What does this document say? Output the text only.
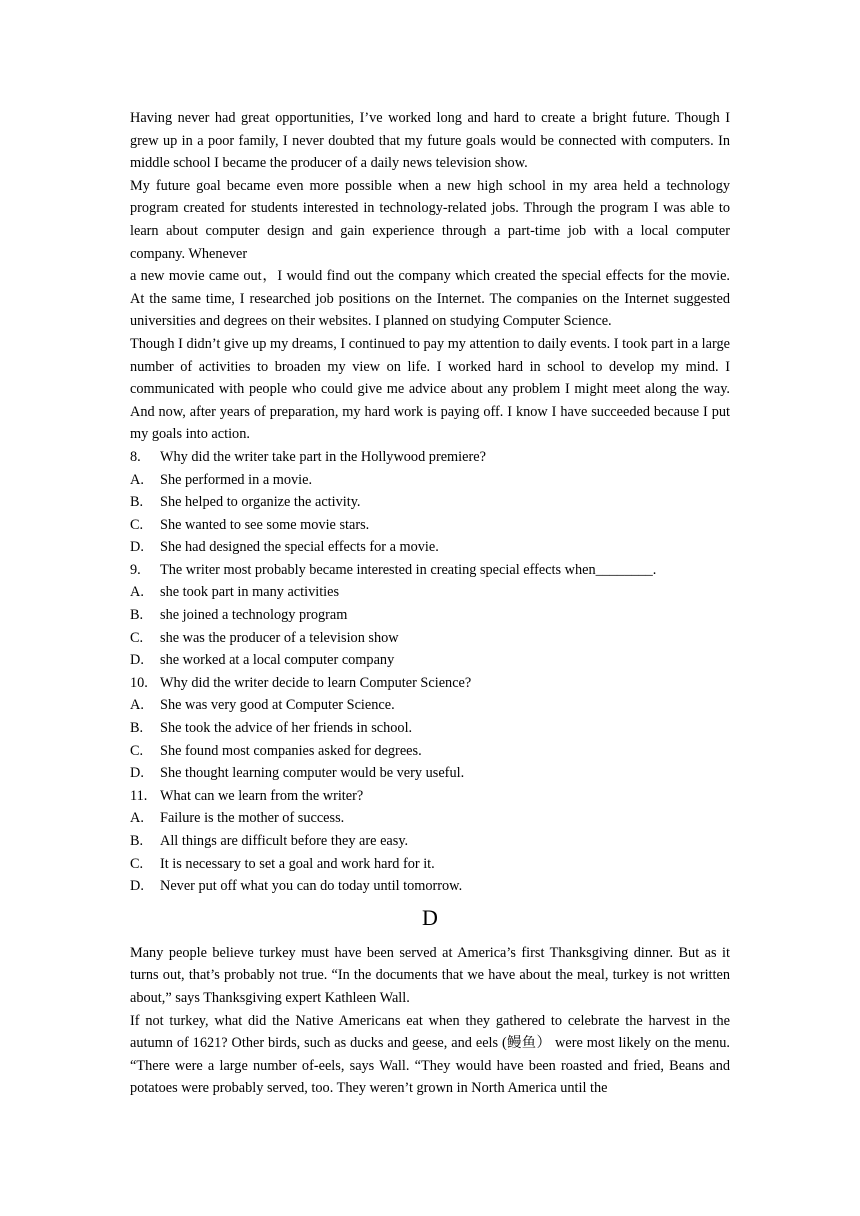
Having never had great opportunities, I’ve worked long and hard to create a bright future. Though I grew up in a poor family, I never doubted that my future goals would be connected with computers. In middle school I became the producer of a daily news television show.

My future goal became even more possible when a new high school in my area held a technology program created for students interested in technology-related jobs. Through the program I was able to learn about computer design and gain experience through a part-time job with a local computer company. Whenever

a new movie came out，I would find out the company which created the special effects for the movie. At the same time, I researched job positions on the Internet. The companies on the Internet suggested universities and degrees on their websites. I planned on studying Computer Science.

Though I didn’t give up my dreams, I continued to pay my attention to daily events. I took part in a large number of activities to broaden my view on life. I worked hard in school to develop my mind. I communicated with people who could give me advice about any problem I might meet along the way. And now, after years of preparation, my hard work is paying off. I know I have succeeded because I put my goals into action.

8.	Why did the writer take part in the Hollywood premiere?
A.	She performed in a movie.
B.	She helped to organize the activity.
C.	She wanted to see some movie stars.
D.	She had designed the special effects for a movie.
9.	The writer most probably became interested in creating special effects when________.
A.	she took part in many activities
B.	she joined a technology program
C.	she was the producer of a television show
D.	she worked at a local computer company
10. Why did the writer decide to learn Computer Science?
A.	She was very good at Computer Science.
B.	She took the advice of her friends in school.
C.	She found most companies asked for degrees.
D.	She thought learning computer would be very useful.
11. What can we learn from the writer?
A.	Failure is the mother of success.
B.	All things are difficult before they are easy.
C.	It is necessary to set a goal and work hard for it.
D.	Never put off what you can do today until tomorrow.
D

Many people believe turkey must have been served at America’s first Thanksgiving dinner. But as it turns out, that’s probably not true. “In the documents that we have about the meal, turkey is not written about,” says Thanksgiving expert Kathleen Wall.

If not turkey, what did the Native Americans eat when they gathered to celebrate the harvest in the autumn of 1621? Other birds, such as ducks and geese, and eels (鳗鱼） were most likely on the menu. “There were a large number of-eels, says Wall. “They would have been roasted and fried, Beans and potatoes were probably served, too. They weren’t grown in North America until the
